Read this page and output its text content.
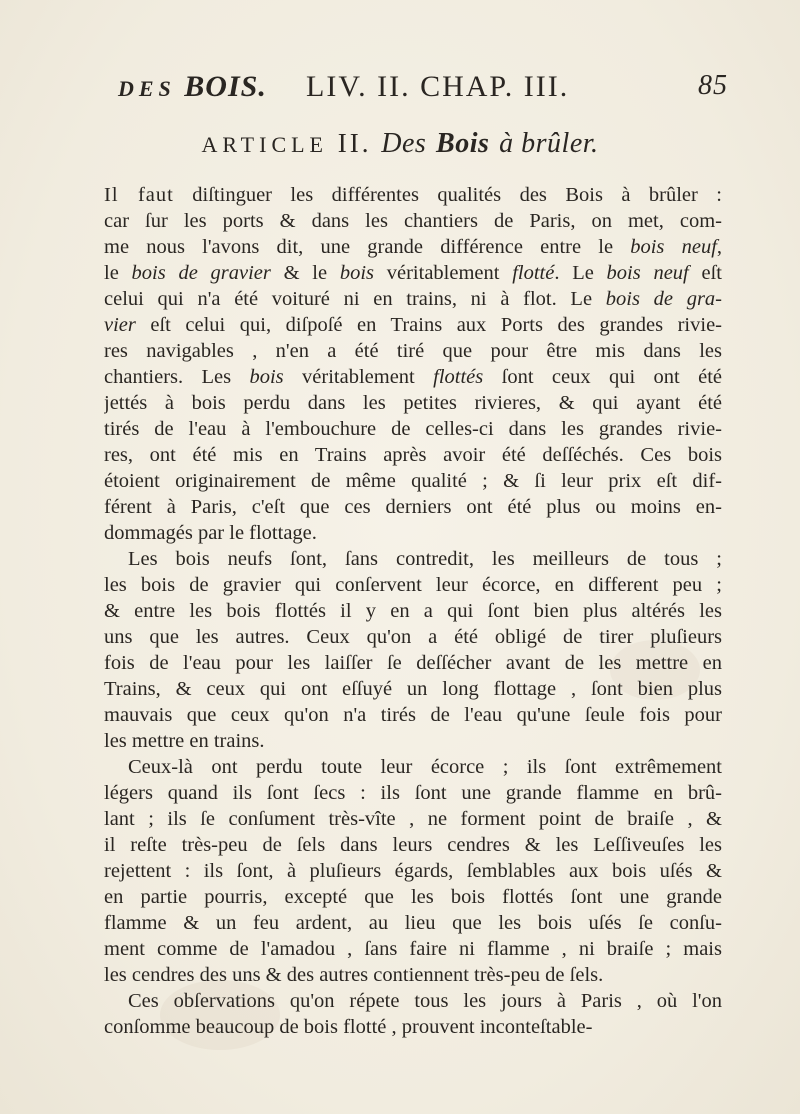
DES BOIS. LIV. II. CHAP. III.	85
ARTICLE II. Des Bois à brûler.
Il faut diſtinguer les différentes qualités des Bois à brûler :
car ſur les ports & dans les chantiers de Paris, on met, com-
me nous l'avons dit, une grande différence entre le bois neuf,
le bois de gravier & le bois véritablement flotté. Le bois neuf eſt
celui qui n'a été voituré ni en trains, ni à flot. Le bois de gra-
vier eſt celui qui, diſpoſé en Trains aux Ports des grandes rivie-
res navigables , n'en a été tiré que pour être mis dans les
chantiers. Les bois véritablement flottés ſont ceux qui ont été
jettés à bois perdu dans les petites rivieres, & qui ayant été
tirés de l'eau à l'embouchure de celles-ci dans les grandes rivie-
res, ont été mis en Trains après avoir été deſſéchés. Ces bois
étoient originairement de même qualité ; & ſi leur prix eſt dif-
férent à Paris, c'eſt que ces derniers ont été plus ou moins en-
dommagés par le flottage.
Les bois neufs ſont, ſans contredit, les meilleurs de tous ;
les bois de gravier qui conſervent leur écorce, en different peu ;
& entre les bois flottés il y en a qui ſont bien plus altérés les
uns que les autres. Ceux qu'on a été obligé de tirer pluſieurs
fois de l'eau pour les laiſſer ſe deſſécher avant de les mettre en
Trains, & ceux qui ont eſſuyé un long flottage , ſont bien plus
mauvais que ceux qu'on n'a tirés de l'eau qu'une ſeule fois pour
les mettre en trains.
Ceux-là ont perdu toute leur écorce ; ils ſont extrêmement
légers quand ils ſont ſecs : ils ſont une grande flamme en brû-
lant ; ils ſe conſument très-vîte , ne forment point de braiſe , &
il reſte très-peu de ſels dans leurs cendres & les Leſſiveuſes les
rejettent : ils ſont, à pluſieurs égards, ſemblables aux bois uſés &
en partie pourris, excepté que les bois flottés ſont une grande
flamme & un feu ardent, au lieu que les bois uſés ſe conſu-
ment comme de l'amadou , ſans faire ni flamme , ni braiſe ; mais
les cendres des uns & des autres contiennent très-peu de ſels.
Ces obſervations qu'on répete tous les jours à Paris , où l'on
conſomme beaucoup de bois flotté , prouvent inconteſtable-
